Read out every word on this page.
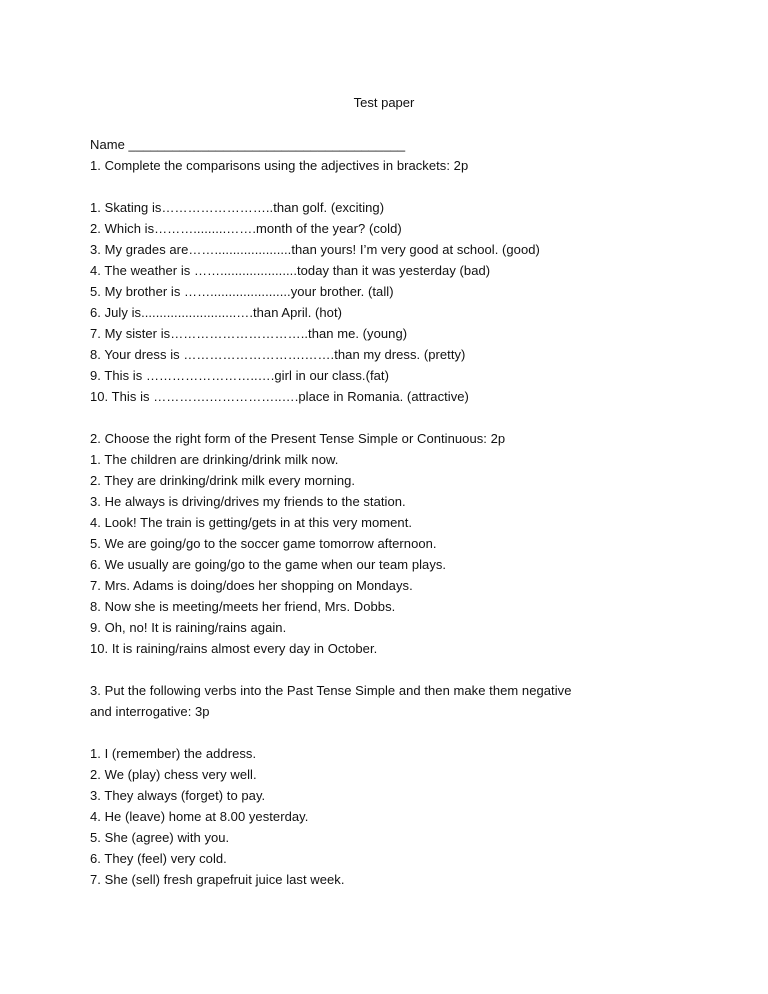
Test paper
Name ______________________________________
1. Complete the comparisons using the adjectives in brackets: 2p
1. Skating is……………………..than golf. (exciting)
2. Which is……….........…….month of the year? (cold)
3. My grades are…….....................than yours! I’m very good at school. (good)
4. The weather is …….....................today than it was yesterday (bad)
5. My brother is ……......................your brother. (tall)
6. July is..........................….than April. (hot)
7. My sister is…………………………..than me. (young)
8. Your dress is ……………………….…….than my dress. (pretty)
9. This is ……………………..….girl in our class.(fat)
10. This is ………….……………..….place in Romania. (attractive)
2. Choose the right form of the Present Tense Simple or Continuous: 2p
1. The children are drinking/drink milk now.
2. They are drinking/drink milk every morning.
3. He always is driving/drives my friends to the station.
4. Look! The train is getting/gets in at this very moment.
5. We are going/go to the soccer game tomorrow afternoon.
6. We usually are going/go to the game when our team plays.
7. Mrs. Adams is doing/does her shopping on Mondays.
8. Now she is meeting/meets her friend, Mrs. Dobbs.
9. Oh, no! It is raining/rains again.
10. It is raining/rains almost every day in October.
3. Put the following verbs into the Past Tense Simple and then make them negative
and interrogative: 3p
1. I (remember) the address.
2. We (play) chess very well.
3. They always (forget) to pay.
4. He (leave) home at 8.00 yesterday.
5. She (agree) with you.
6. They (feel) very cold.
7. She (sell) fresh grapefruit juice last week.
